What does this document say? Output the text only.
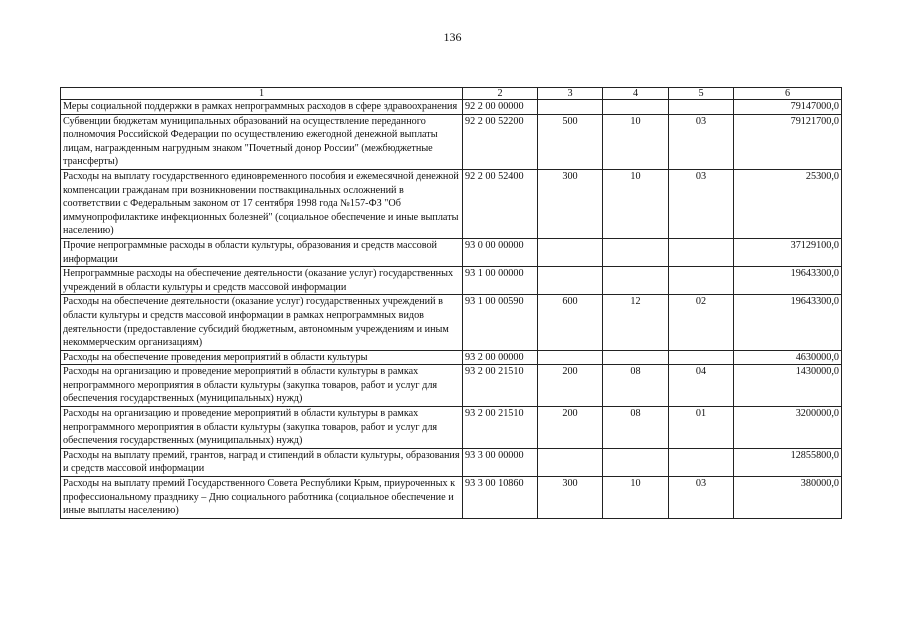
136
1	2	3	4	5	6
Меры социальной поддержки в рамках непрограммных расходов в сфере здравоохранения	92 2 00 00000				79147000,0
Субвенции бюджетам муниципальных образований на осуществление переданного полномочия Российской Федерации по осуществлению ежегодной денежной выплаты лицам, награжденным нагрудным знаком "Почетный донор России" (межбюджетные трансферты)	92 2 00 52200	500	10	03	79121700,0
Расходы на выплату государственного единовременного пособия и ежемесячной денежной компенсации гражданам при возникновении поствакцинальных осложнений в соответствии с Федеральным законом от 17 сентября 1998 года №157-ФЗ "Об иммунопрофилактике инфекционных болезней" (социальное обеспечение и иные выплаты населению)	92 2 00 52400	300	10	03	25300,0
Прочие непрограммные расходы в области культуры, образования и средств массовой информации	93 0 00 00000				37129100,0
Непрограммные расходы на обеспечение деятельности (оказание услуг) государственных учреждений в области культуры и средств массовой информации	93 1 00 00000				19643300,0
Расходы на обеспечение деятельности (оказание услуг) государственных учреждений в области культуры и средств массовой информации в рамках непрограммных видов деятельности (предоставление субсидий бюджетным, автономным учреждениям и иным некоммерческим организациям)	93 1 00 00590	600	12	02	19643300,0
Расходы на обеспечение проведения мероприятий в области культуры	93 2 00 00000				4630000,0
Расходы на организацию и проведение мероприятий в области культуры в рамках непрограммного мероприятия в области культуры (закупка товаров, работ и услуг для обеспечения государственных (муниципальных) нужд)	93 2 00 21510	200	08	04	1430000,0
Расходы на организацию и проведение мероприятий в области культуры в рамках непрограммного мероприятия в области культуры (закупка товаров, работ и услуг для обеспечения государственных (муниципальных) нужд)	93 2 00 21510	200	08	01	3200000,0
Расходы на выплату премий, грантов, наград и стипендий в области культуры, образования и средств массовой информации	93 3 00 00000				12855800,0
Расходы на выплату премий Государственного Совета Республики Крым, приуроченных к профессиональному празднику – Дню социального работника (социальное обеспечение и иные выплаты населению)	93 3 00 10860	300	10	03	380000,0
